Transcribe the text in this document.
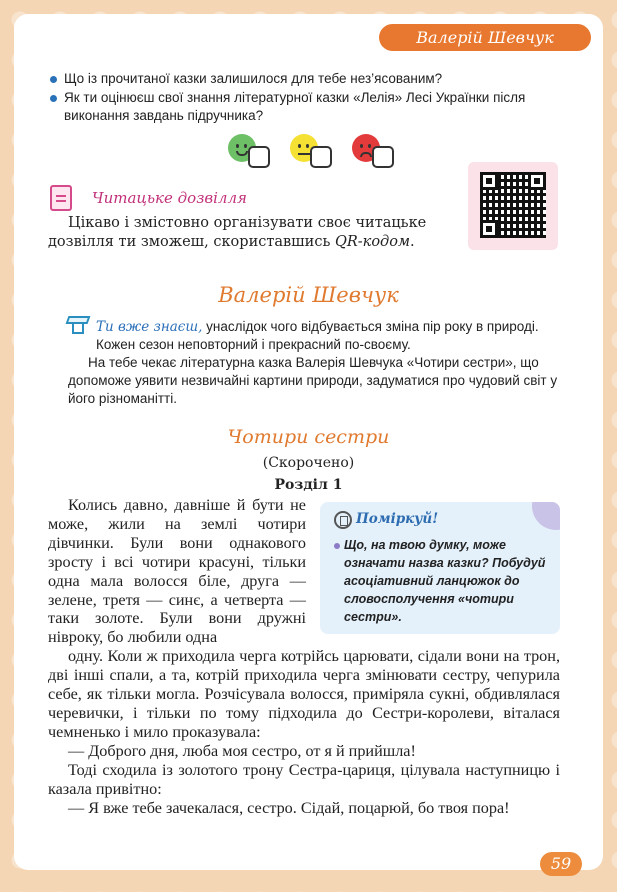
Валерій Шевчук
Що із прочитаної казки залишилося для тебе нез’ясованим?
Як ти оцінюєш свої знання літературної казки «Лелія» Лесі Українки після виконання завдань підручника?
Читацьке дозвілля
Цікаво і змістовно організувати своє читацьке дозвілля ти зможеш, скориставшись QR-кодом.
Валерій Шевчук
Ти вже знаєш, унаслідок чого відбувається зміна пір року в природі. Кожен сезон неповторний і прекрасний по-своєму.
На тебе чекає літературна казка Валерія Шевчука «Чотири сестри», що допоможе уявити незвичайні картини природи, задуматися про чудовий світ у його різноманітті.
Чотири сестри
(Скорочено)
Розділ 1

Колись давно, давніше й бути не може, жили на землі чотири дівчинки. Були вони однакового зросту і всі чотири красуні, тільки одна мала волосся біле, друга — зелене, третя — синє, а четверта — таки золоте. Були вони дружні нівроку, бо любили одна
одну. Коли ж приходила черга котрійсь царювати, сідали вони на трон, дві інші спали, а та, котрій приходила черга змінювати сестру, чепурила себе, як тільки могла. Розчісувала волосся, приміряла сукні, обдивлялася черевички, і тільки по тому підходила до Сестри-королеви, віталася чемненько і мило проказувала:

— Доброго дня, люба моя сестро, от я й прийшла!

Тоді сходила із золотого трону Сестра-цариця, цілувала наступницю і казала привітно:

— Я вже тебе зачекалася, сестро. Сідай, поцарюй, бо твоя пора!

Поміркуй!
Що, на твою думку, може означати назва казки? Побудуй асоціативний ланцюжок до словосполучення «чотири сестри».
59
